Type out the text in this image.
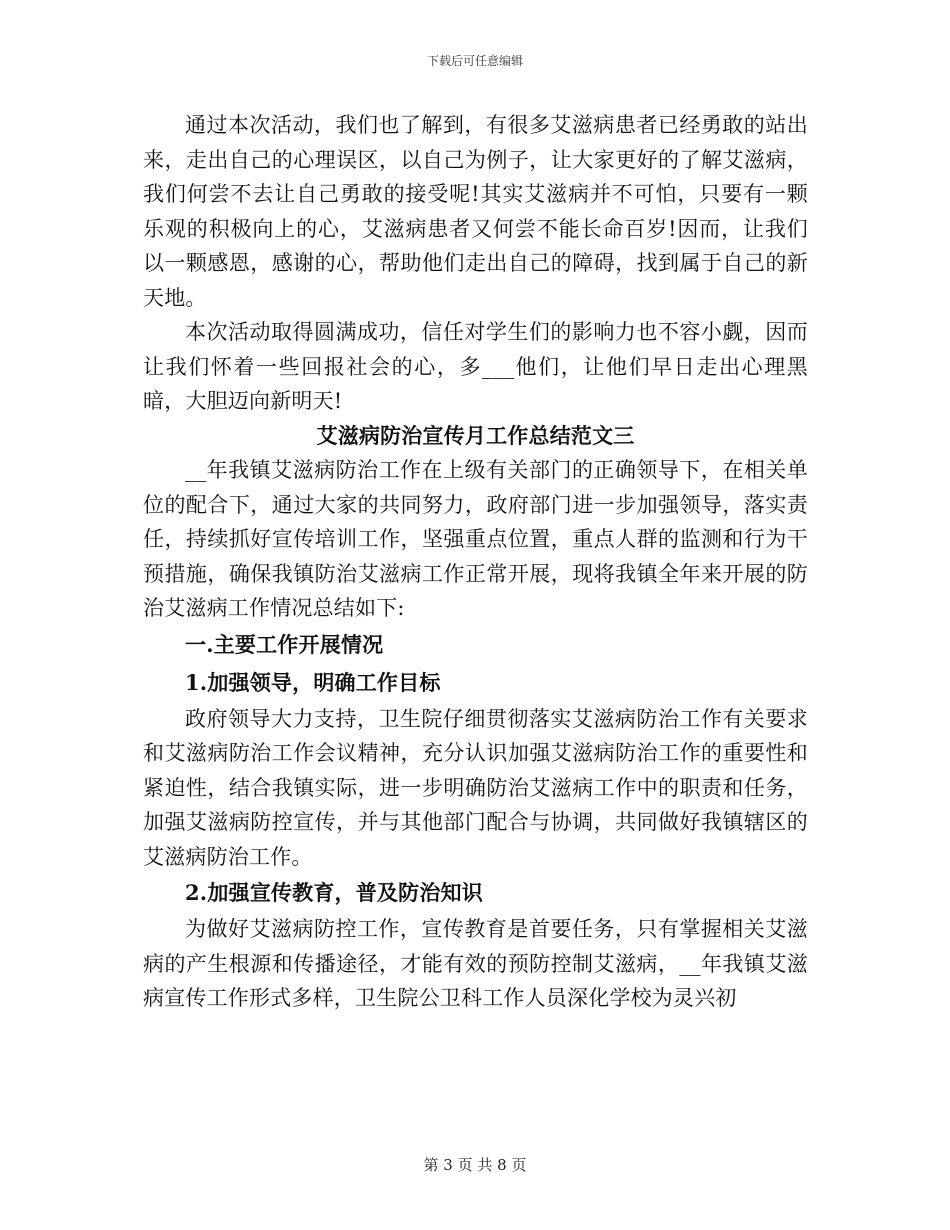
下载后可任意编辑

通过本次活动，我们也了解到，有很多艾滋病患者已经勇敢的站出来，走出自己的心理误区，以自己为例子，让大家更好的了解艾滋病，我们何尝不去让自己勇敢的接受呢!其实艾滋病并不可怕，只要有一颗乐观的积极向上的心，艾滋病患者又何尝不能长命百岁!因而，让我们以一颗感恩，感谢的心，帮助他们走出自己的障碍，找到属于自己的新天地。

本次活动取得圆满成功，信任对学生们的影响力也不容小觑，因而让我们怀着一些回报社会的心，多___他们，让他们早日走出心理黑暗，大胆迈向新明天!

艾滋病防治宣传月工作总结范文三

__年我镇艾滋病防治工作在上级有关部门的正确领导下，在相关单位的配合下，通过大家的共同努力，政府部门进一步加强领导，落实责任，持续抓好宣传培训工作，坚强重点位置，重点人群的监测和行为干预措施，确保我镇防治艾滋病工作正常开展，现将我镇全年来开展的防治艾滋病工作情况总结如下:

一.主要工作开展情况

1.加强领导，明确工作目标

政府领导大力支持，卫生院仔细贯彻落实艾滋病防治工作有关要求和艾滋病防治工作会议精神，充分认识加强艾滋病防治工作的重要性和紧迫性，结合我镇实际，进一步明确防治艾滋病工作中的职责和任务，加强艾滋病防控宣传，并与其他部门配合与协调，共同做好我镇辖区的艾滋病防治工作。

2.加强宣传教育，普及防治知识

为做好艾滋病防控工作，宣传教育是首要任务，只有掌握相关艾滋病的产生根源和传播途径，才能有效的预防控制艾滋病，__年我镇艾滋病宣传工作形式多样，卫生院公卫科工作人员深化学校为灵兴初

第 3 页 共 8 页
